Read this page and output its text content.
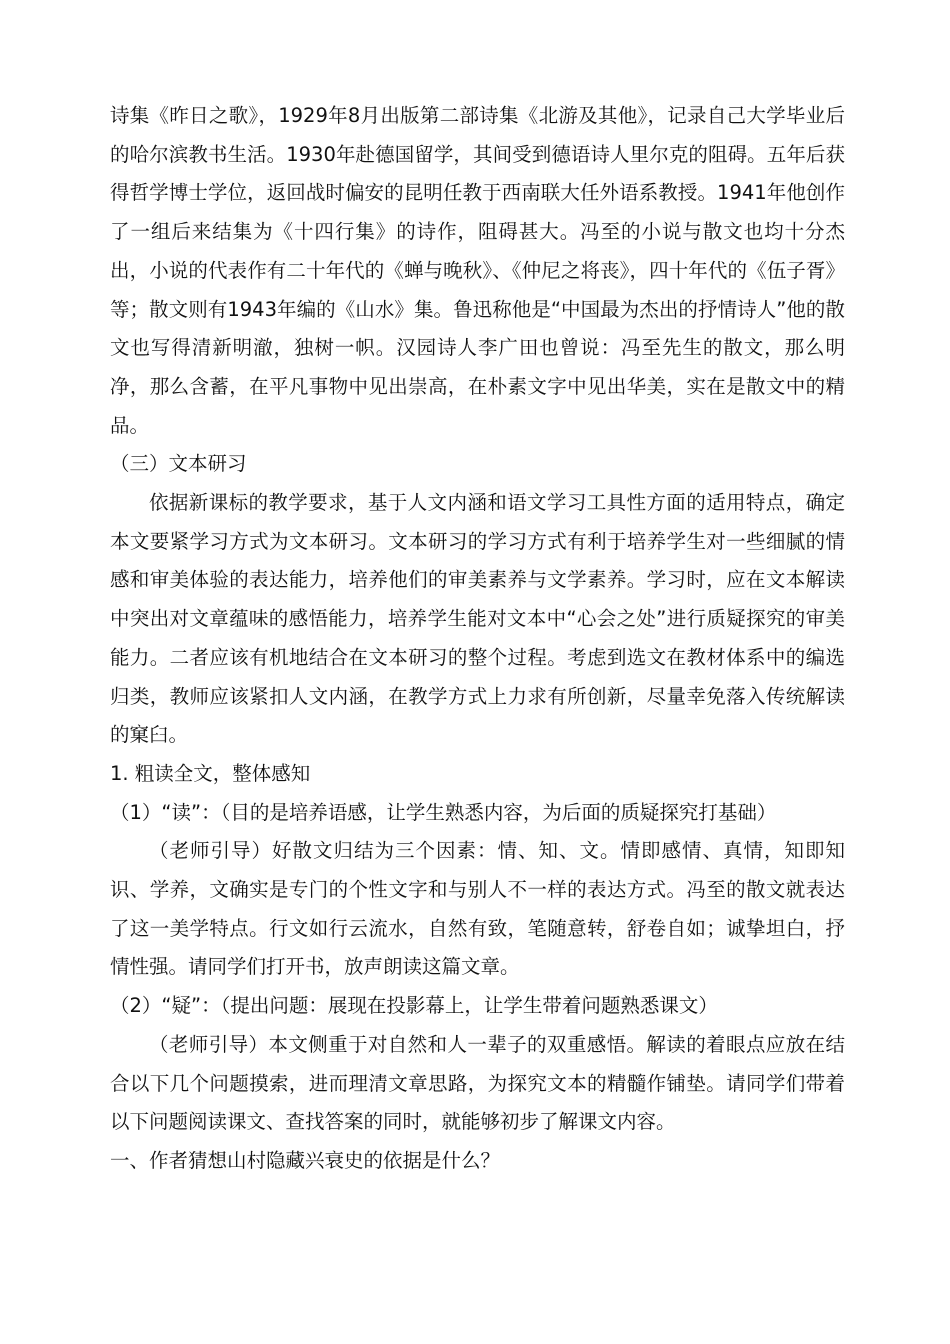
诗集《昨日之歌》，1929年8月出版第二部诗集《北游及其他》，记录自己大学毕业后的哈尔滨教书生活。1930年赴德国留学，其间受到德语诗人里尔克的阻碍。五年后获得哲学博士学位，返回战时偏安的昆明任教于西南联大任外语系教授。1941年他创作了一组后来结集为《十四行集》的诗作，阻碍甚大。冯至的小说与散文也均十分杰出，小说的代表作有二十年代的《蝉与晚秋》、《仲尼之将丧》，四十年代的《伍子胥》等；散文则有1943年编的《山水》集。鲁迅称他是“中国最为杰出的抒情诗人”他的散文也写得清新明澈，独树一帜。汉园诗人李广田也曾说：冯至先生的散文，那么明净，那么含蓄，在平凡事物中见出崇高，在朴素文字中见出华美，实在是散文中的精品。

（三）文本研习

依据新课标的教学要求，基于人文内涵和语文学习工具性方面的适用特点，确定本文要紧学习方式为文本研习。文本研习的学习方式有利于培养学生对一些细腻的情感和审美体验的表达能力，培养他们的审美素养与文学素养。学习时，应在文本解读中突出对文章蕴味的感悟能力，培养学生能对文本中“心会之处”进行质疑探究的审美能力。二者应该有机地结合在文本研习的整个过程。考虑到选文在教材体系中的编选归类，教师应该紧扣人文内涵，在教学方式上力求有所创新，尽量幸免落入传统解读的窠臼。

1. 粗读全文，整体感知

（1）“读”：（目的是培养语感，让学生熟悉内容，为后面的质疑探究打基础）

（老师引导）好散文归结为三个因素：情、知、文。情即感情、真情，知即知识、学养，文确实是专门的个性文字和与别人不一样的表达方式。冯至的散文就表达了这一美学特点。行文如行云流水，自然有致，笔随意转，舒卷自如；诚挚坦白，抒情性强。请同学们打开书，放声朗读这篇文章。

（2）“疑”：（提出问题：展现在投影幕上，让学生带着问题熟悉课文）

（老师引导）本文侧重于对自然和人一辈子的双重感悟。解读的着眼点应放在结合以下几个问题摸索，进而理清文章思路，为探究文本的精髓作铺垫。请同学们带着以下问题阅读课文、查找答案的同时，就能够初步了解课文内容。

一、作者猜想山村隐藏兴衰史的依据是什么？
